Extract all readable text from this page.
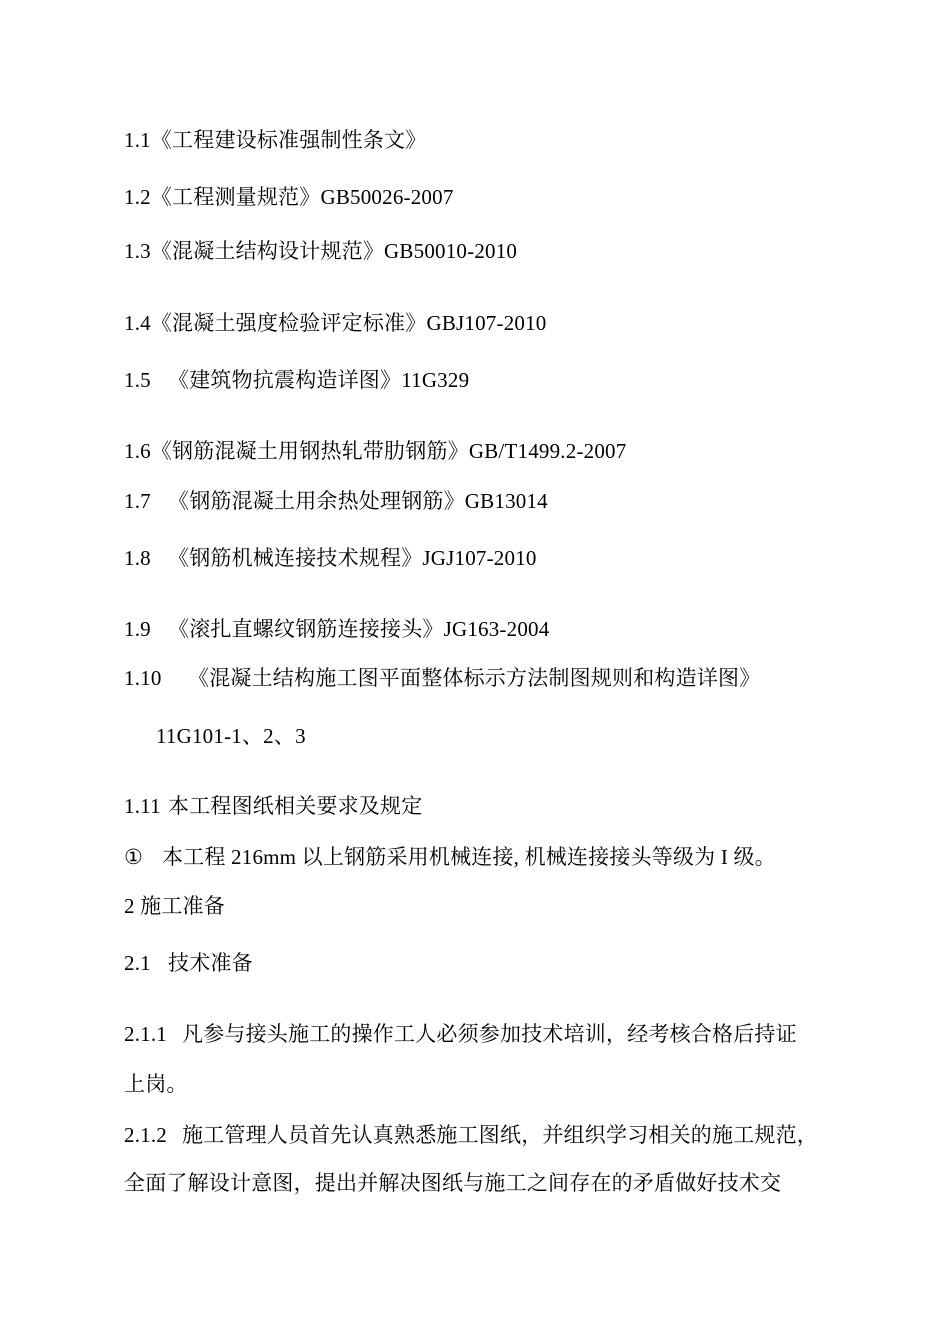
1.1《工程建设标准强制性条文》
1.2《工程测量规范》GB50026-2007
1.3《混凝土结构设计规范》GB50010-2010
1.4《混凝土强度检验评定标准》GBJ107-2010
1.5 《建筑物抗震构造详图》11G329
1.6《钢筋混凝土用钢热轧带肋钢筋》GB/T1499.2-2007
1.7 《钢筋混凝土用余热处理钢筋》GB13014
1.8 《钢筋机械连接技术规程》JGJ107-2010
1.9 《滚扎直螺纹钢筋连接接头》JG163-2004
1.10 《混凝土结构施工图平面整体标示方法制图规则和构造详图》
11G101-1、2、3
1.11 本工程图纸相关要求及规定
① 本工程 216mm 以上钢筋采用机械连接, 机械连接接头等级为 I 级。
2 施工准备
2.1 技术准备
2.1.1 凡参与接头施工的操作工人必须参加技术培训，经考核合格后持证
上岗。
2.1.2 施工管理人员首先认真熟悉施工图纸，并组织学习相关的施工规范，
全面了解设计意图，提出并解决图纸与施工之间存在的矛盾做好技术交
